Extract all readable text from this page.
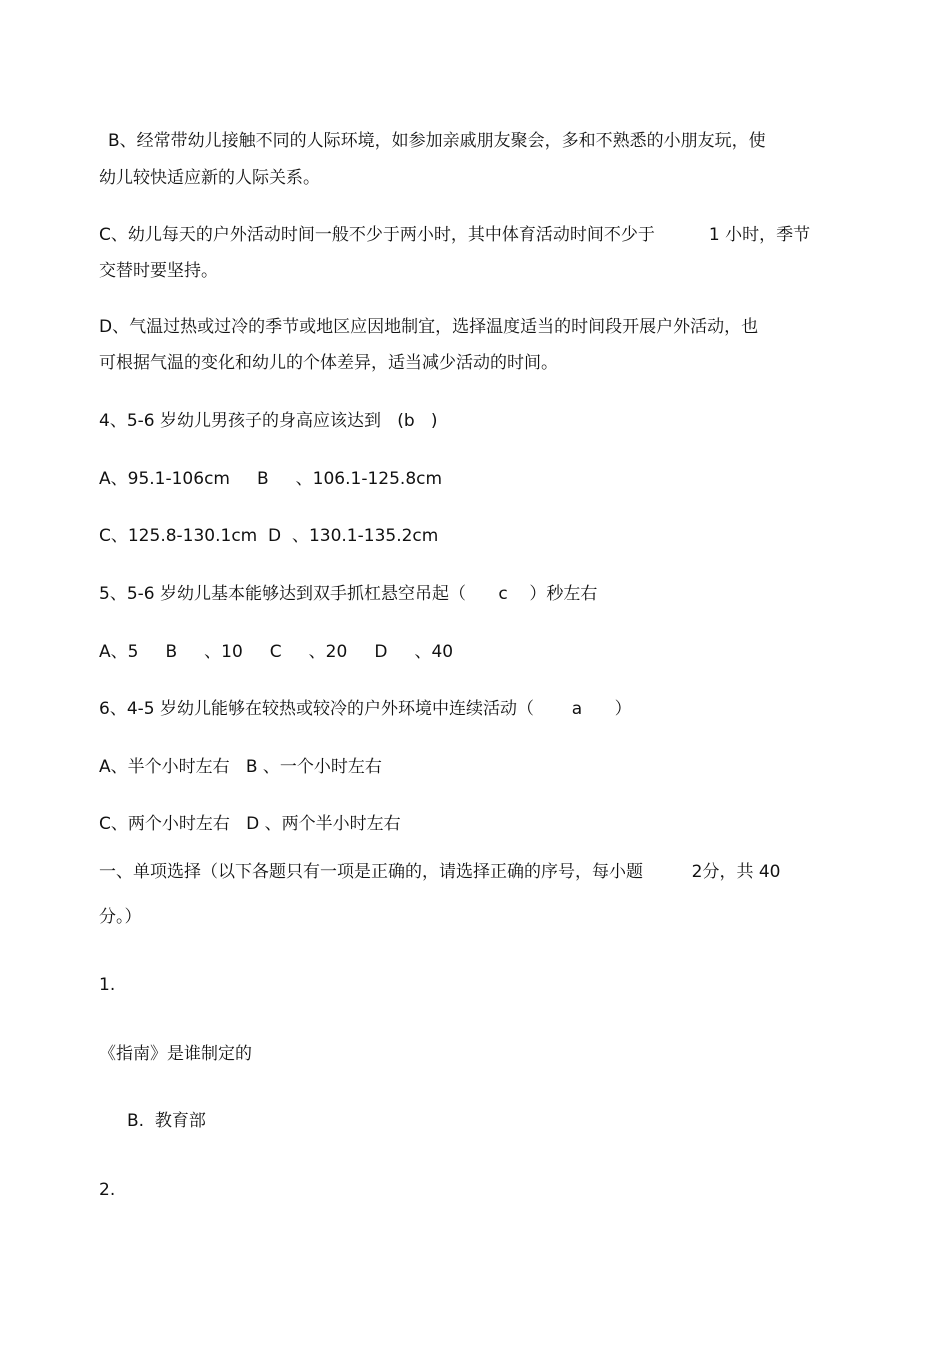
B、经常带幼儿接触不同的人际环境，如参加亲戚朋友聚会，多和不熟悉的小朋友玩，使
幼儿较快适应新的人际关系。
C、幼儿每天的户外活动时间一般不少于两小时，其中体育活动时间不少于          1 小时，季节
交替时要坚持。
D、气温过热或过冷的季节或地区应因地制宜，选择温度适当的时间段开展户外活动，也
可根据气温的变化和幼儿的个体差异，适当减少活动的时间。
4、5-6 岁幼儿男孩子的身高应该达到   (b   )
A、95.1-106cm     B     、106.1-125.8cm
C、125.8-130.1cm  D  、130.1-135.2cm
5、5-6 岁幼儿基本能够达到双手抓杠悬空吊起（      c    ）秒左右
A、5     B     、10     C     、20     D     、40
6、4-5 岁幼儿能够在较热或较冷的户外环境中连续活动（       a      ）
A、半个小时左右   B 、一个小时左右
C、两个小时左右   D 、两个半小时左右
一、单项选择（以下各题只有一项是正确的，请选择正确的序号，每小题         2分，共 40
分。）
1.
《指南》是谁制定的
B.  教育部
2.
